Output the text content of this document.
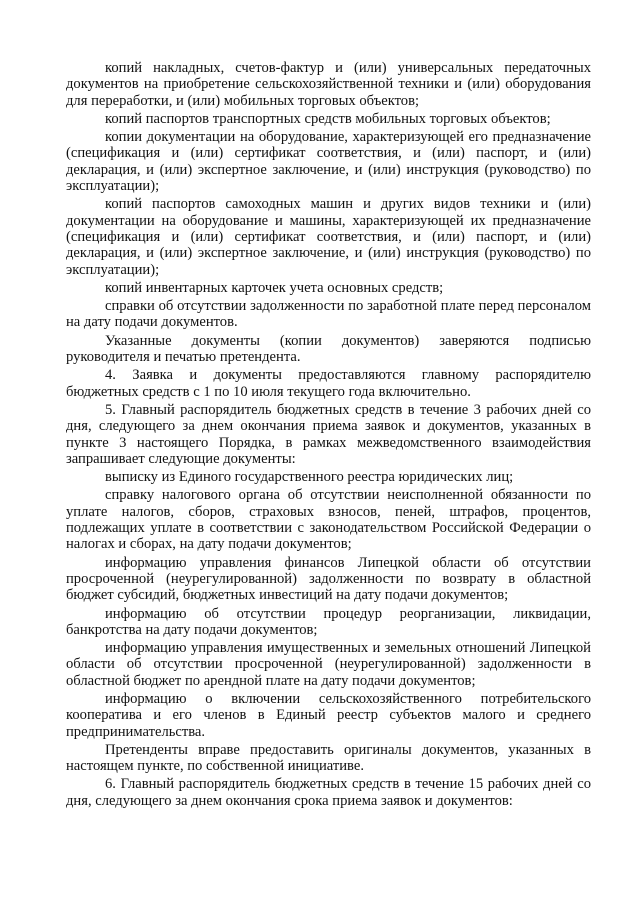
копий накладных, счетов-фактур и (или) универсальных передаточных документов на приобретение сельскохозяйственной техники и (или) оборудования для переработки, и (или) мобильных торговых объектов;

копий паспортов транспортных средств мобильных торговых объектов;

копии документации на оборудование, характеризующей его предназначение (спецификация и (или) сертификат соответствия, и (или) паспорт, и (или) декларация, и (или) экспертное заключение, и (или) инструкция (руководство) по эксплуатации);

копий паспортов самоходных машин и других видов техники и (или) документации на оборудование и машины, характеризующей их предназначение (спецификация и (или) сертификат соответствия, и (или) паспорт, и (или) декларация, и (или) экспертное заключение, и (или) инструкция (руководство) по эксплуатации);

копий инвентарных карточек учета основных средств;

справки об отсутствии задолженности по заработной плате перед персоналом на дату подачи документов.

Указанные документы (копии документов) заверяются подписью руководителя и печатью претендента.

4. Заявка и документы предоставляются главному распорядителю бюджетных средств с 1 по 10 июля текущего года включительно.

5. Главный распорядитель бюджетных средств в течение 3 рабочих дней со дня, следующего за днем окончания приема заявок и документов, указанных в пункте 3 настоящего Порядка, в рамках межведомственного взаимодействия запрашивает следующие документы:

выписку из Единого государственного реестра юридических лиц;

справку налогового органа об отсутствии неисполненной обязанности по уплате налогов, сборов, страховых взносов, пеней, штрафов, процентов, подлежащих уплате в соответствии с законодательством Российской Федерации о налогах и сборах, на дату подачи документов;

информацию управления финансов Липецкой области об отсутствии просроченной (неурегулированной) задолженности по возврату в областной бюджет субсидий, бюджетных инвестиций на дату подачи документов;

информацию об отсутствии процедур реорганизации, ликвидации, банкротства на дату подачи документов;

информацию управления имущественных и земельных отношений Липецкой области об отсутствии просроченной (неурегулированной) задолженности в областной бюджет по арендной плате на дату подачи документов;

информацию о включении сельскохозяйственного потребительского кооператива и его членов в Единый реестр субъектов малого и среднего предпринимательства.

Претенденты вправе предоставить оригиналы документов, указанных в настоящем пункте, по собственной инициативе.

6. Главный распорядитель бюджетных средств в течение 15 рабочих дней со дня, следующего за днем окончания срока приема заявок и документов:
